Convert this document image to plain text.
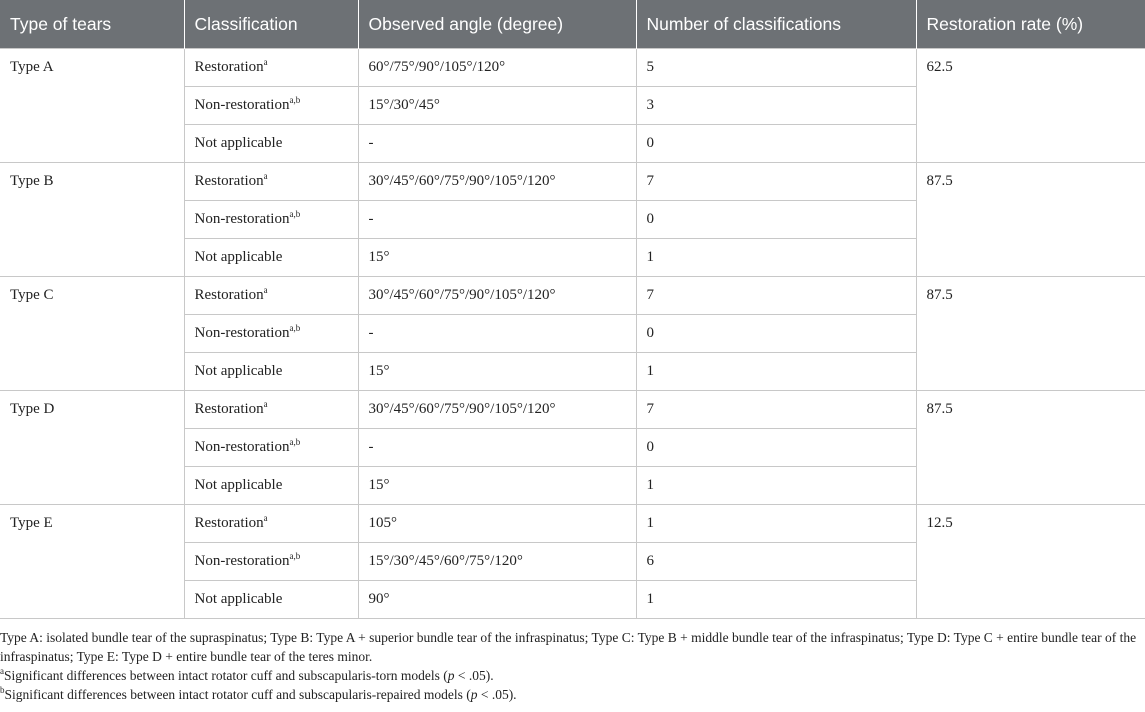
Type of tears	Classification	Observed angle (degree)	Number of classifications	Restoration rate (%)
Type A	Restoration$^a$	60°/75°/90°/105°/120°	5	62.5
	Non-restoration$^{a,b}$	15°/30°/45°	3	
	Not applicable	-	0	
Type B	Restoration$^a$	30°/45°/60°/75°/90°/105°/120°	7	87.5
	Non-restoration$^{a,b}$	-	0	
	Not applicable	15°	1	
Type C	Restoration$^a$	30°/45°/60°/75°/90°/105°/120°	7	87.5
	Non-restoration$^{a,b}$	-	0	
	Not applicable	15°	1	
Type D	Restoration$^a$	30°/45°/60°/75°/90°/105°/120°	7	87.5
	Non-restoration$^{a,b}$	-	0	
	Not applicable	15°	1	
Type E	Restoration$^a$	105°	1	12.5
	Non-restoration$^{a,b}$	15°/30°/45°/60°/75°/120°	6	
	Not applicable	90°	1	

Type A: isolated bundle tear of the supraspinatus; Type B: Type A + superior bundle tear of the infraspinatus; Type C: Type B + middle bundle tear of the infraspinatus; Type D: Type C + entire bundle tear of the infraspinatus; Type E: Type D + entire bundle tear of the teres minor.

$^a$Significant differences between intact rotator cuff and subscapularis-torn models (p < .05).

$^b$Significant differences between intact rotator cuff and subscapularis-repaired models (p < .05).
